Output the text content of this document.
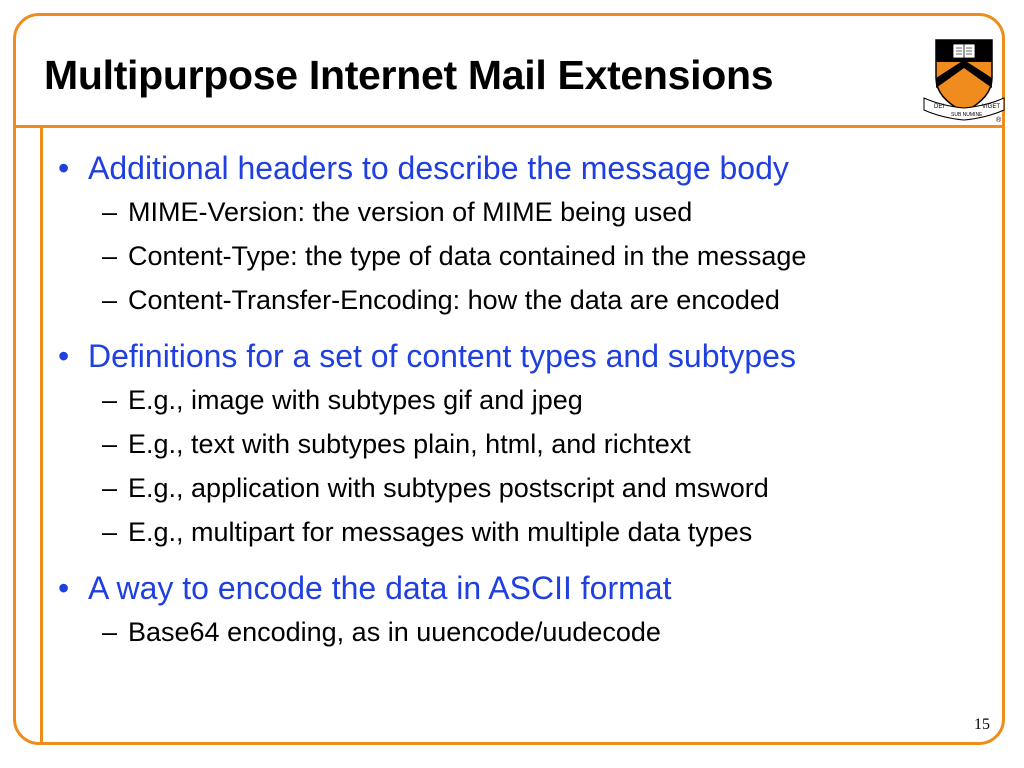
Multipurpose Internet Mail Extensions
DEI
SUB NUMINE
VIGET
®
• Additional headers to describe the message body
– MIME-Version: the version of MIME being used
– Content-Type: the type of data contained in the message
– Content-Transfer-Encoding: how the data are encoded
• Definitions for a set of content types and subtypes
– E.g., image with subtypes gif and jpeg
– E.g., text with subtypes plain, html, and richtext
– E.g., application with subtypes postscript and msword
– E.g., multipart for messages with multiple data types
• A way to encode the data in ASCII format
– Base64 encoding, as in uuencode/uudecode
15
